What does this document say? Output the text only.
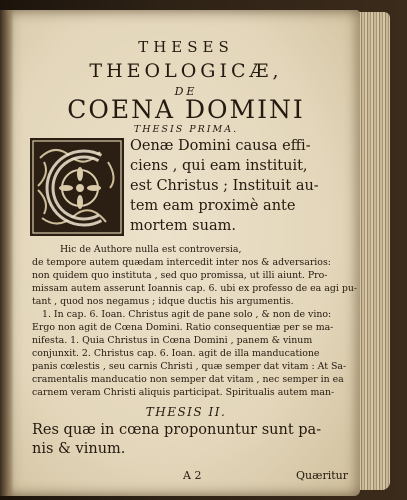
THESES
THEOLOGICÆ,
DE
COENA DOMINI
THESIS PRIMA.
Oenæ Domini causa effi-
ciens , qui eam instituit,
est Christus ; Instituit au-
tem eam proximè ante
mortem suam.
Hic de Authore nulla est controversia,
de tempore autem quædam intercedit inter nos & adversarios:
non quidem quo instituta , sed quo promissa, ut illi aiunt. Pro-
missam autem asserunt Ioannis cap. 6. ubi ex professo de ea agi pu-
tant , quod nos negamus ; idque ductis his argumentis.
1. In cap. 6. Ioan. Christus agit de pane solo , & non de vino:
Ergo non agit de Cœna Domini. Ratio consequentiæ per se ma-
nifesta. 1. Quia Christus in Cœna Domini , panem & vinum
conjunxit. 2. Christus cap. 6. Ioan. agit de illa manducatione
panis cœlestis , seu carnis Christi , quæ semper dat vitam : At Sa-
cramentalis manducatio non semper dat vitam , nec semper in ea
carnem veram Christi aliquis participat. Spiritualis autem man-
THESIS II.
Res quæ in cœna proponuntur sunt pa-
nis & vinum.
A 2	Quæritur
